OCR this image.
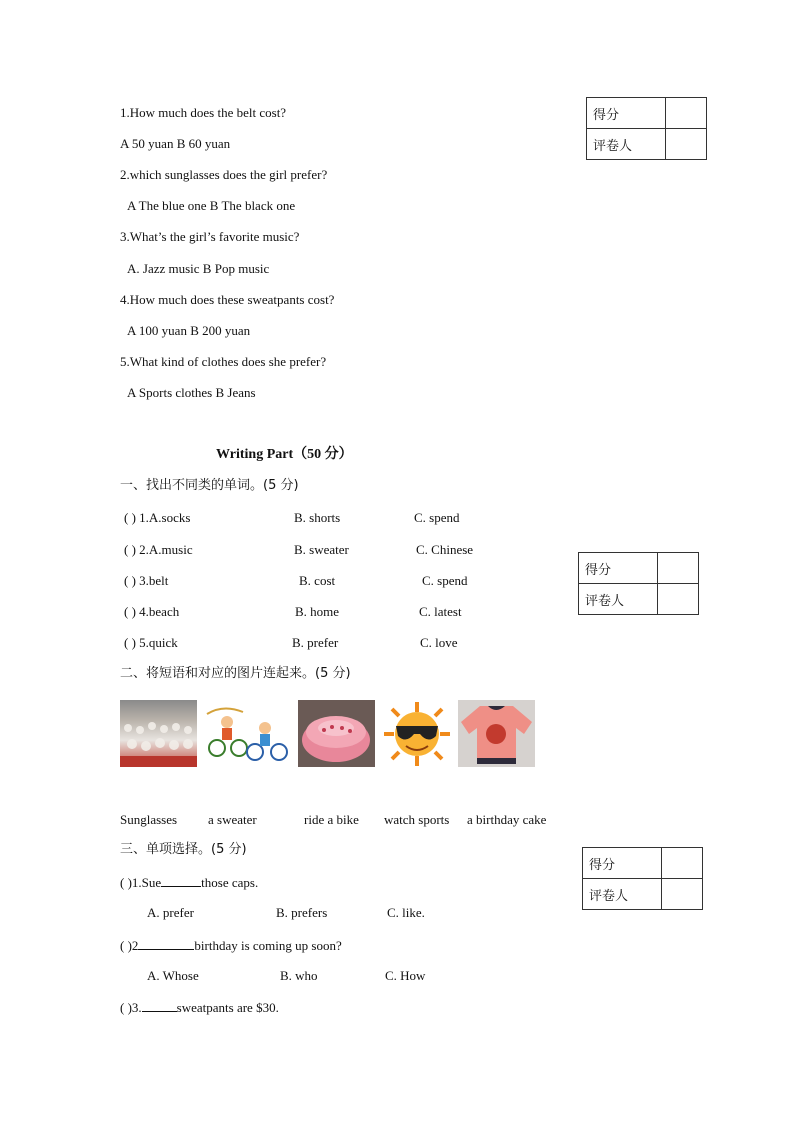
1.How much does the belt cost?
A 50 yuan B 60 yuan
2.which sunglasses does the girl prefer?
A The blue one B The black one
3.What’s the girl’s favorite music?
A. Jazz music B Pop music
4.How much does these sweatpants cost?
A 100 yuan B 200 yuan
5.What kind of clothes does she prefer?
A Sports clothes B Jeans
得分	
评卷人	
Writing Part（50 分）
一、找出不同类的单词。(5 分)
( ) 1.A.socks	B. shorts	C. spend
( ) 2.A.music	B. sweater	C. Chinese
( ) 3.belt	B. cost	C. spend
( ) 4.beach	B. home	C. latest
( ) 5.quick	B. prefer	C. love
得分	
评卷人	
二、将短语和对应的图片连起来。(5 分)
Sunglasses a sweater	ride a bike watch sports a birthday cake
三、单项选择。(5 分)
得分	
评卷人	
( )1.Sue	those caps.
A. prefer	B. prefers	C. like.
( )2	birthday is coming up soon?
A. Whose	B. who	C. How
( )3.	sweatpants are $30.
